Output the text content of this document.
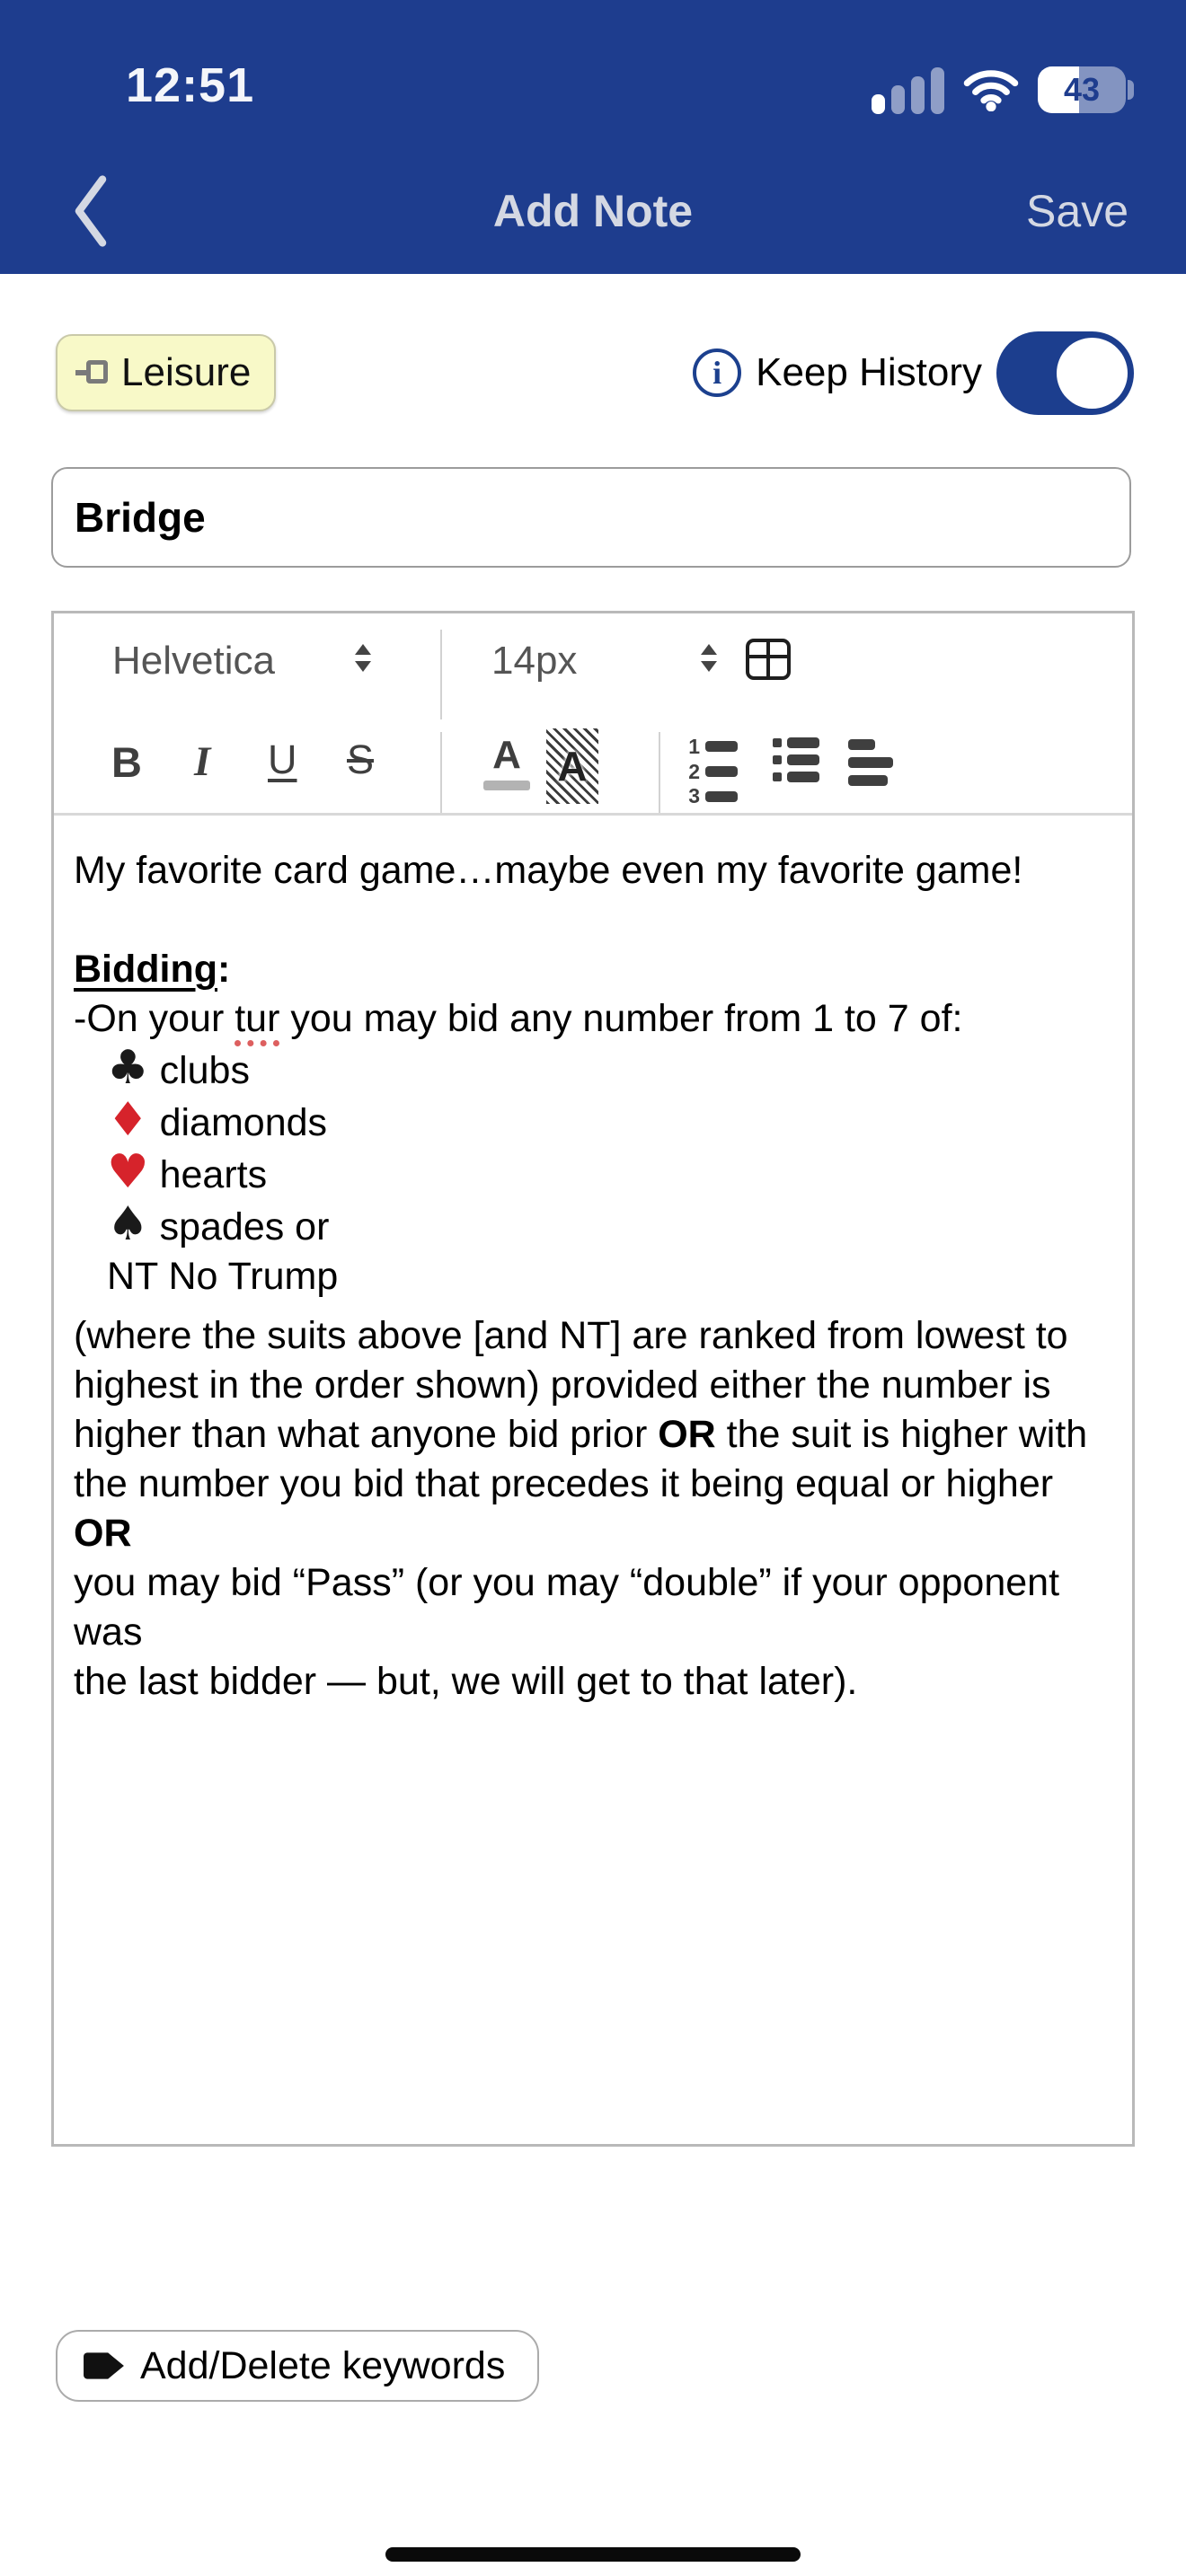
12:51	43
Add Note	Save
Leisure	i Keep History
Bridge
Helvetica	14px
B I U S	A A	1
2
3
My favorite card game…maybe even my favorite game!

Bidding:
-On your tur you may bid any number from 1 to 7 of:
♣ clubs
♦ diamonds
♥ hearts
♠ spades or
NT No Trump
(where the suits above [and NT] are ranked from lowest to
highest in the order shown) provided either the number is
higher than what anyone bid prior OR the suit is higher with
the number you bid that precedes it being equal or higher OR
you may bid “Pass” (or you may “double” if your opponent was
the last bidder — but, we will get to that later).
Add/Delete keywords
